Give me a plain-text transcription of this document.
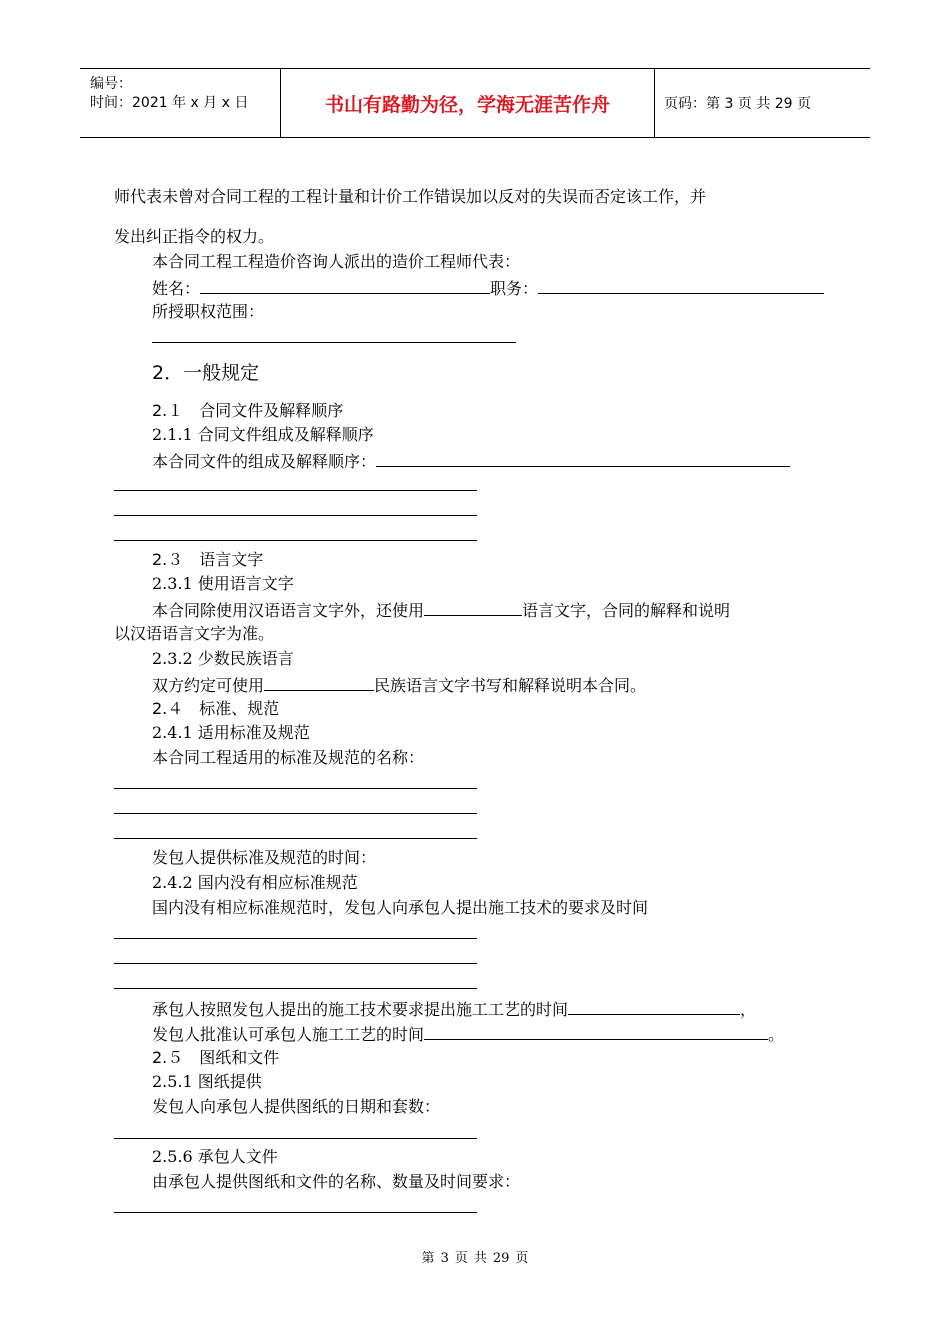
编号：
时间：2021 年 x 月 x 日	书山有路勤为径，学海无涯苦作舟	页码：第 3 页 共 29 页
师代表未曾对合同工程的工程计量和计价工作错误加以反对的失误而否定该工作，并
发出纠正指令的权力。
本合同工程工程造价咨询人派出的造价工程师代表：
姓名：	职务：
所授职权范围：
2．一般规定
2.１　合同文件及解释顺序
2.1.1 合同文件组成及解释顺序
本合同文件的组成及解释顺序：
2.３　语言文字
2.3.1 使用语言文字
本合同除使用汉语语言文字外，还使用	语言文字，合同的解释和说明
以汉语语言文字为准。
2.3.2 少数民族语言
双方约定可使用	民族语言文字书写和解释说明本合同。
2.４　标准、规范
2.4.1 适用标准及规范
本合同工程适用的标准及规范的名称：
发包人提供标准及规范的时间：
2.4.2 国内没有相应标准规范
国内没有相应标准规范时，发包人向承包人提出施工技术的要求及时间
承包人按照发包人提出的施工技术要求提出施工工艺的时间	，
发包人批准认可承包人施工工艺的时间	。
2.５　图纸和文件
2.5.1 图纸提供
发包人向承包人提供图纸的日期和套数：
2.5.6 承包人文件
由承包人提供图纸和文件的名称、数量及时间要求：
第 3 页 共 29 页
